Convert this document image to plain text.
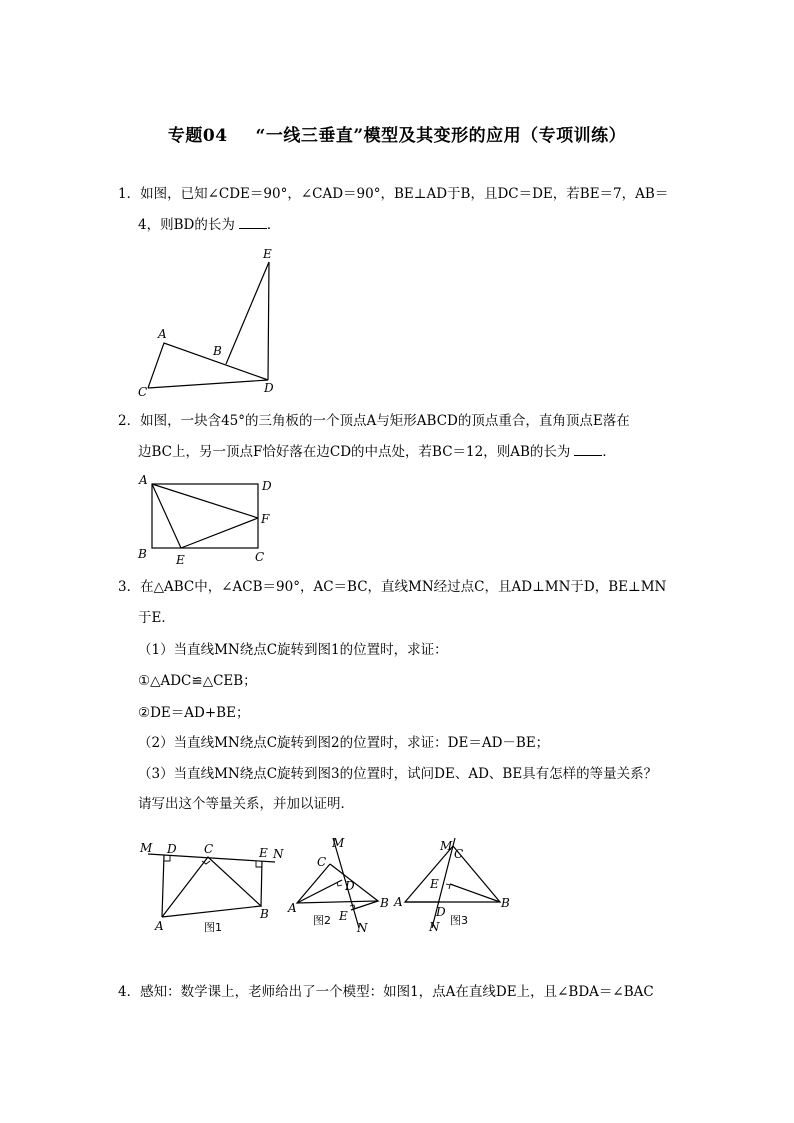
专题04 “一线三垂直”模型及其变形的应用（专项训练）
1．如图，已知∠CDE＝90°，∠CAD＝90°，BE⊥AD于B，且DC＝DE，若BE＝7，AB＝
4，则BD的长为 ．
E
A
B
C	D
2．如图，一块含45°的三角板的一个顶点A与矩形ABCD的顶点重合，直角顶点E落在
边BC上，另一顶点F恰好落在边CD的中点处，若BC＝12，则AB的长为 ．
A	D
F
B E	C
3．在△ABC中，∠ACB＝90°，AC＝BC，直线MN经过点C，且AD⊥MN于D，BE⊥MN
于E．
（1）当直线MN绕点C旋转到图1的位置时，求证：
①△ADC≌△CEB；
②DE＝AD+BE；
（2）当直线MN绕点C旋转到图2的位置时，求证：DE＝AD－BE；
（3）当直线MN绕点C旋转到图3的位置时，试问DE、AD、BE具有怎样的等量关系？
请写出这个等量关系，并加以证明．
M D C	E N
A
B
图1
M
C
D
B
A
E
N
图2
A
M
C
E
B
D
N 图3
4．感知：数学课上，老师给出了一个模型：如图1，点A在直线DE上，且∠BDA＝∠BAC
